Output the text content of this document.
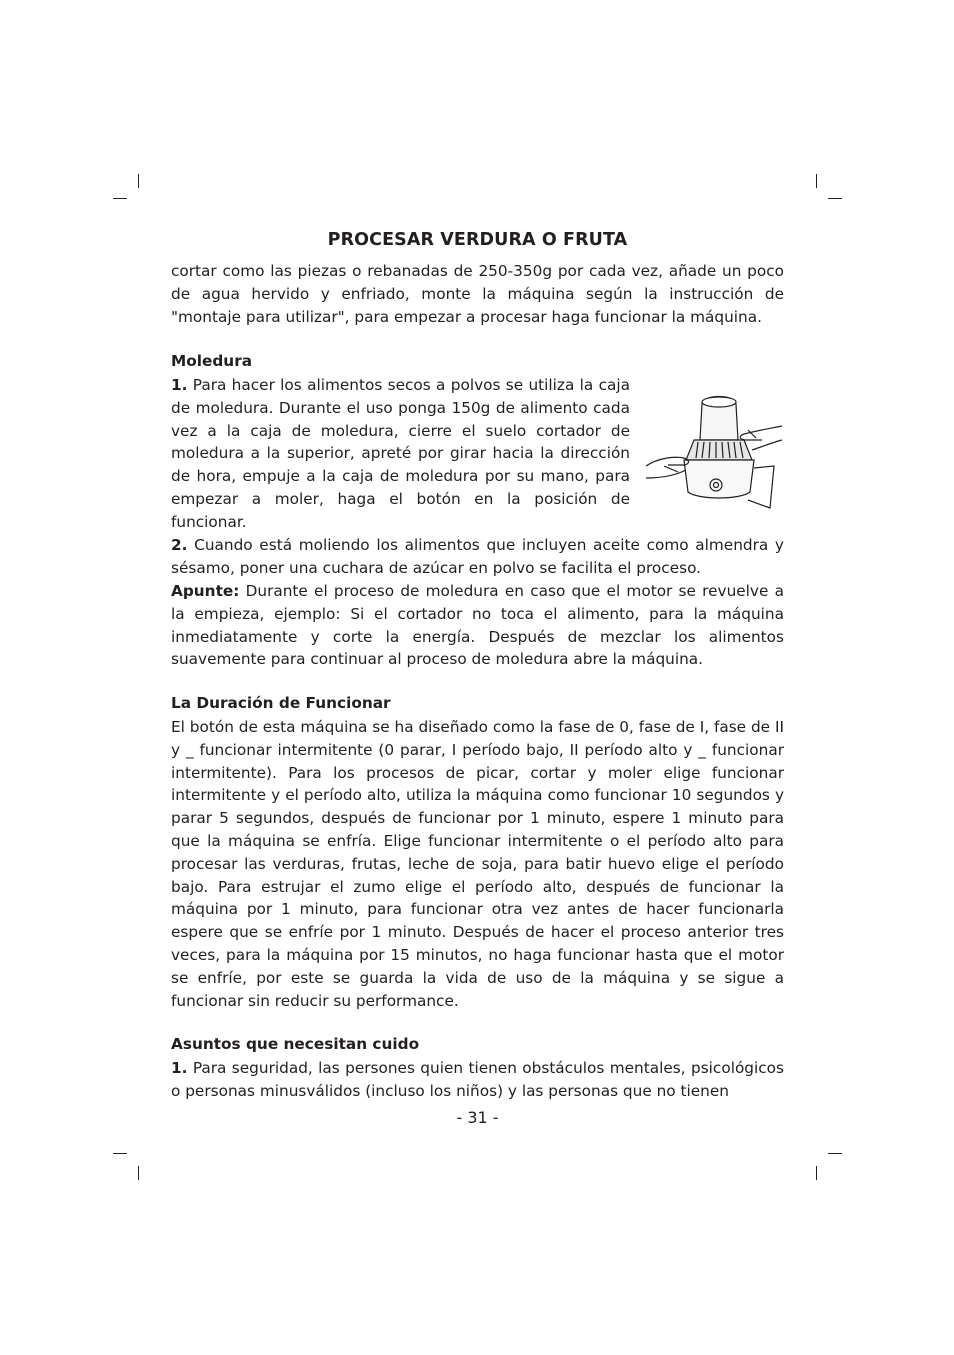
PROCESAR VERDURA O FRUTA

cortar como las piezas o rebanadas de 250-350g por cada vez, añade un poco de agua hervido y enfriado, monte la máquina según la instrucción de "montaje para utilizar", para empezar a procesar haga funcionar la máquina.

Moledura

1. Para hacer los alimentos secos a polvos se utiliza la caja de moledura. Durante el uso ponga 150g de alimento cada vez a la caja de moledura, cierre el suelo cortador de moledura a la superior, apreté por girar hacia la dirección de hora, empuje a la caja de moledura por su mano, para empezar a moler, haga el botón en la posición de funcionar.

2. Cuando está moliendo los alimentos que incluyen aceite como almendra y sésamo, poner una cuchara de azúcar en polvo se facilita el proceso.

Apunte: Durante el proceso de moledura en caso que el motor se revuelve a la empieza, ejemplo: Si el cortador no toca el alimento, para la máquina inmediatamente y corte la energía. Después de mezclar los alimentos suavemente para continuar al proceso de moledura abre la máquina.

La Duración de Funcionar

El botón de esta máquina se ha diseñado como la fase de 0, fase de I, fase de II y _ funcionar intermitente (0 parar, I período bajo, II período alto y _ funcionar intermitente). Para los procesos de picar, cortar y moler elige funcionar intermitente y el período alto, utiliza la máquina como funcionar 10 segundos y parar 5 segundos, después de funcionar por 1 minuto, espere 1 minuto para que la máquina se enfría. Elige funcionar intermitente o el período alto para procesar las verduras, frutas, leche de soja, para batir huevo elige el período bajo. Para estrujar el zumo elige el período alto, después de funcionar la máquina por 1 minuto, para funcionar otra vez antes de hacer funcionarla espere que se enfríe por 1 minuto. Después de hacer el proceso anterior tres veces, para la máquina por 15 minutos, no haga funcionar hasta que el motor se enfríe, por este se guarda la vida de uso de la máquina y se sigue a funcionar sin reducir su performance.

Asuntos que necesitan cuido

1. Para seguridad, las persones quien tienen obstáculos mentales, psicológicos o personas minusválidos (incluso los niños) y las personas que no tienen

- 31 -
